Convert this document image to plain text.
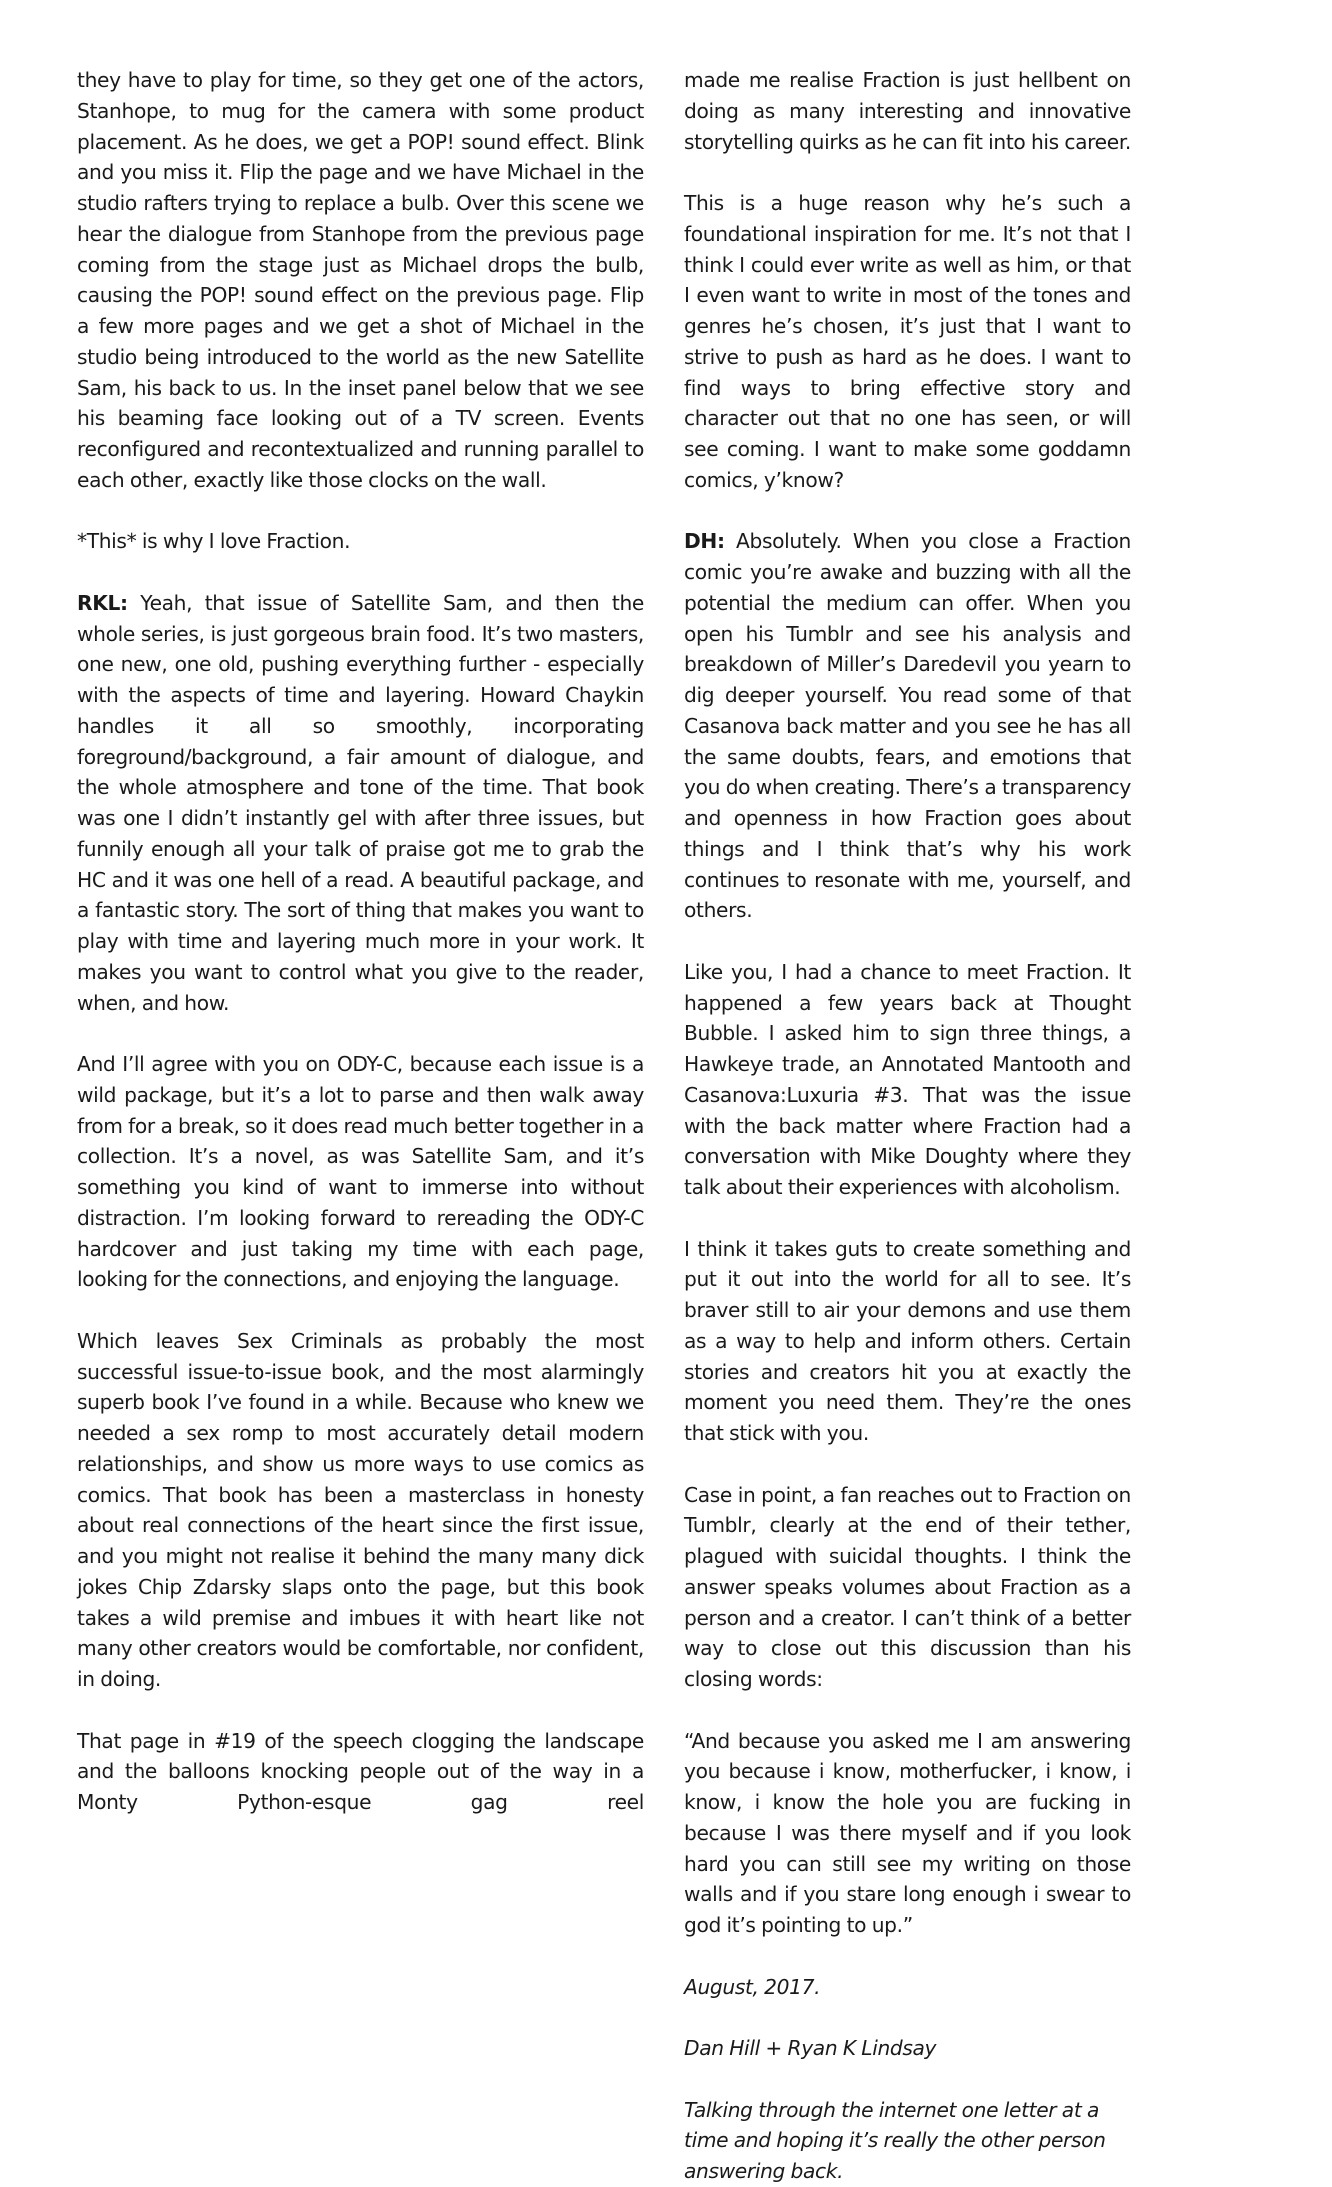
they have to play for time, so they get one of the actors, Stanhope, to mug for the camera with some product placement. As he does, we get a POP! sound effect. Blink and you miss it. Flip the page and we have Michael in the studio rafters trying to replace a bulb. Over this scene we hear the dialogue from Stanhope from the previous page coming from the stage just as Michael drops the bulb, causing the POP! sound effect on the previous page. Flip a few more pages and we get a shot of Michael in the studio being introduced to the world as the new Satellite Sam, his back to us. In the inset panel below that we see his beaming face looking out of a TV screen. Events reconfigured and recontextualized and running parallel to each other, exactly like those clocks on the wall.

*This* is why I love Fraction.

RKL: Yeah, that issue of Satellite Sam, and then the whole series, is just gorgeous brain food. It’s two masters, one new, one old, pushing everything further - especially with the aspects of time and layering. Howard Chaykin handles it all so smoothly, incorporating foreground/background, a fair amount of dialogue, and the whole atmosphere and tone of the time. That book was one I didn’t instantly gel with after three issues, but funnily enough all your talk of praise got me to grab the HC and it was one hell of a read. A beautiful package, and a fantastic story. The sort of thing that makes you want to play with time and layering much more in your work. It makes you want to control what you give to the reader, when, and how.

And I’ll agree with you on ODY-C, because each issue is a wild package, but it’s a lot to parse and then walk away from for a break, so it does read much better together in a collection. It’s a novel, as was Satellite Sam, and it’s something you kind of want to immerse into without distraction. I’m looking forward to rereading the ODY-C hardcover and just taking my time with each page, looking for the connections, and enjoying the language.

Which leaves Sex Criminals as probably the most successful issue-to-issue book, and the most alarmingly superb book I’ve found in a while. Because who knew we needed a sex romp to most accurately detail modern relationships, and show us more ways to use comics as comics. That book has been a masterclass in honesty about real connections of the heart since the first issue, and you might not realise it behind the many many dick jokes Chip Zdarsky slaps onto the page, but this book takes a wild premise and imbues it with heart like not many other creators would be comfortable, nor confident, in doing.

That page in #19 of the speech clogging the landscape and the balloons knocking people out of the way in a Monty Python-esque gag reel

made me realise Fraction is just hellbent on doing as many interesting and innovative storytelling quirks as he can fit into his career.

This is a huge reason why he’s such a foundational inspiration for me. It’s not that I think I could ever write as well as him, or that I even want to write in most of the tones and genres he’s chosen, it’s just that I want to strive to push as hard as he does. I want to find ways to bring effective story and character out that no one has seen, or will see coming. I want to make some goddamn comics, y’know?

DH: Absolutely. When you close a Fraction comic you’re awake and buzzing with all the potential the medium can offer. When you open his Tumblr and see his analysis and breakdown of Miller’s Daredevil you yearn to dig deeper yourself. You read some of that Casanova back matter and you see he has all the same doubts, fears, and emotions that you do when creating. There’s a transparency and openness in how Fraction goes about things and I think that’s why his work continues to resonate with me, yourself, and others.

Like you, I had a chance to meet Fraction. It happened a few years back at Thought Bubble. I asked him to sign three things, a Hawkeye trade, an Annotated Mantooth and Casanova:Luxuria #3. That was the issue with the back matter where Fraction had a conversation with Mike Doughty where they talk about their experiences with alcoholism.

I think it takes guts to create something and put it out into the world for all to see. It’s braver still to air your demons and use them as a way to help and inform others. Certain stories and creators hit you at exactly the moment you need them. They’re the ones that stick with you.

Case in point, a fan reaches out to Fraction on Tumblr, clearly at the end of their tether, plagued with suicidal thoughts. I think the answer speaks volumes about Fraction as a person and a creator. I can’t think of a better way to close out this discussion than his closing words:

“And because you asked me I am answering you because i know, motherfucker, i know, i know, i know the hole you are fucking in because I was there myself and if you look hard you can still see my writing on those walls and if you stare long enough i swear to god it’s pointing to up.”

August, 2017.

Dan Hill + Ryan K Lindsay

Talking through the internet one letter at a time and hoping it’s really the other person answering back.
